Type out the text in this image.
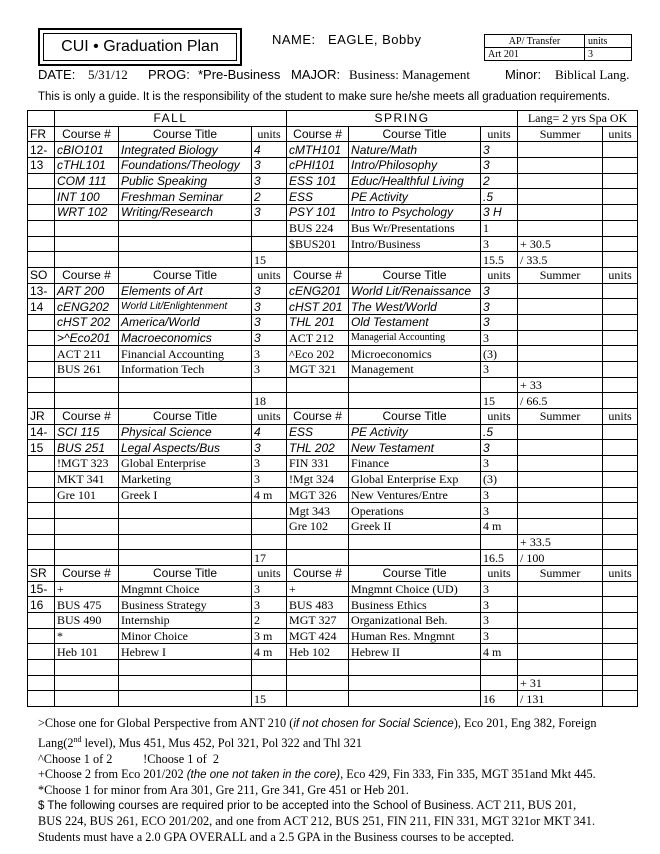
CUI • Graduation Plan	NAME: EAGLE, Bobby	AP/ Transfer	units
Art 201	3
DATE: 5/31/12 PROG: *Pre-Business MAJOR: Business: Management	Minor: Biblical Lang.
This is only a guide. It is the responsibility of the student to make sure he/she meets all graduation requirements.
	FALL			SPRING			Lang= 2 yrs Spa OK	
FR	Course #	Course Title	units	Course #	Course Title	units	Summer	units
12-	cBIO101	Integrated Biology	4	cMTH101	Nature/Math	3		
13	cTHL101	Foundations/Theology	3	cPHI101	Intro/Philosophy	3		
	COM 111	Public Speaking	3	ESS 101	Educ/Healthful Living	2		
	INT 100	Freshman Seminar	2	ESS	PE Activity	.5		
	WRT 102	Writing/Research	3	PSY 101	Intro to Psychology	3 H		
				BUS 224	Bus Wr/Presentations	1		
				$BUS201	Intro/Business	3	+ 30.5	
			15			15.5	/ 33.5	
SO	Course #	Course Title	units	Course #	Course Title	units	Summer	units
13-	ART 200	Elements of Art	3	cENG201	World Lit/Renaissance	3		
14	cENG202	World Lit/Enlightenment	3	cHST 201	The West/World	3		
	cHST 202	America/World	3	THL 201	Old Testament	3		
	>^Eco201	Macroeconomics	3	ACT 212	Managerial Accounting	3		
	ACT 211	Financial Accounting	3	^Eco 202	Microeconomics	(3)		
	BUS 261	Information Tech	3	MGT 321	Management	3		
							+ 33	
			18			15	/ 66.5	
JR	Course #	Course Title	units	Course #	Course Title	units	Summer	units
14-	SCI 115	Physical Science	4	ESS	PE Activity	.5		
15	BUS 251	Legal Aspects/Bus	3	THL 202	New Testament	3		
	!MGT 323	Global Enterprise	3	FIN 331	Finance	3		
	MKT 341	Marketing	3	!Mgt 324	Global Enterprise Exp	(3)		
	Gre 101	Greek I	4 m	MGT 326	New Ventures/Entre	3		
				Mgt 343	Operations	3		
				Gre 102	Greek II	4 m		
							+ 33.5	
			17			16.5	/ 100	
SR	Course #	Course Title	units	Course #	Course Title	units	Summer	units
15-	+	Mngmnt Choice	3	+	Mngmnt Choice (UD)	3		
16	BUS 475	Business Strategy	3	BUS 483	Business Ethics	3		
	BUS 490	Internship	2	MGT 327	Organizational Beh.	3		
	*	Minor Choice	3 m	MGT 424	Human Res. Mngmnt	3		
	Heb 101	Hebrew I	4 m	Heb 102	Hebrew II	4 m		

							+ 31	
			15			16	/ 131	
>Chose one for Global Perspective from ANT 210 (if not chosen for Social Science), Eco 201, Eng 382, Foreign
Lang(2nd level), Mus 451, Mus 452, Pol 321, Pol 322 and Thl 321
^Choose 1 of 2          !Choose 1 of  2
+Choose 2 from Eco 201/202 (the one not taken in the core), Eco 429, Fin 333, Fin 335, MGT 351and Mkt 445.
*Choose 1 for minor from Ara 301, Gre 211, Gre 341, Gre 451 or Heb 201.
$ The following courses are required prior to be accepted into the School of Business. ACT 211, BUS 201,
BUS 224, BUS 261, ECO 201/202, and one from ACT 212, BUS 251, FIN 211, FIN 331, MGT 321or MKT 341.
Students must have a 2.0 GPA OVERALL and a 2.5 GPA in the Business courses to be accepted.
